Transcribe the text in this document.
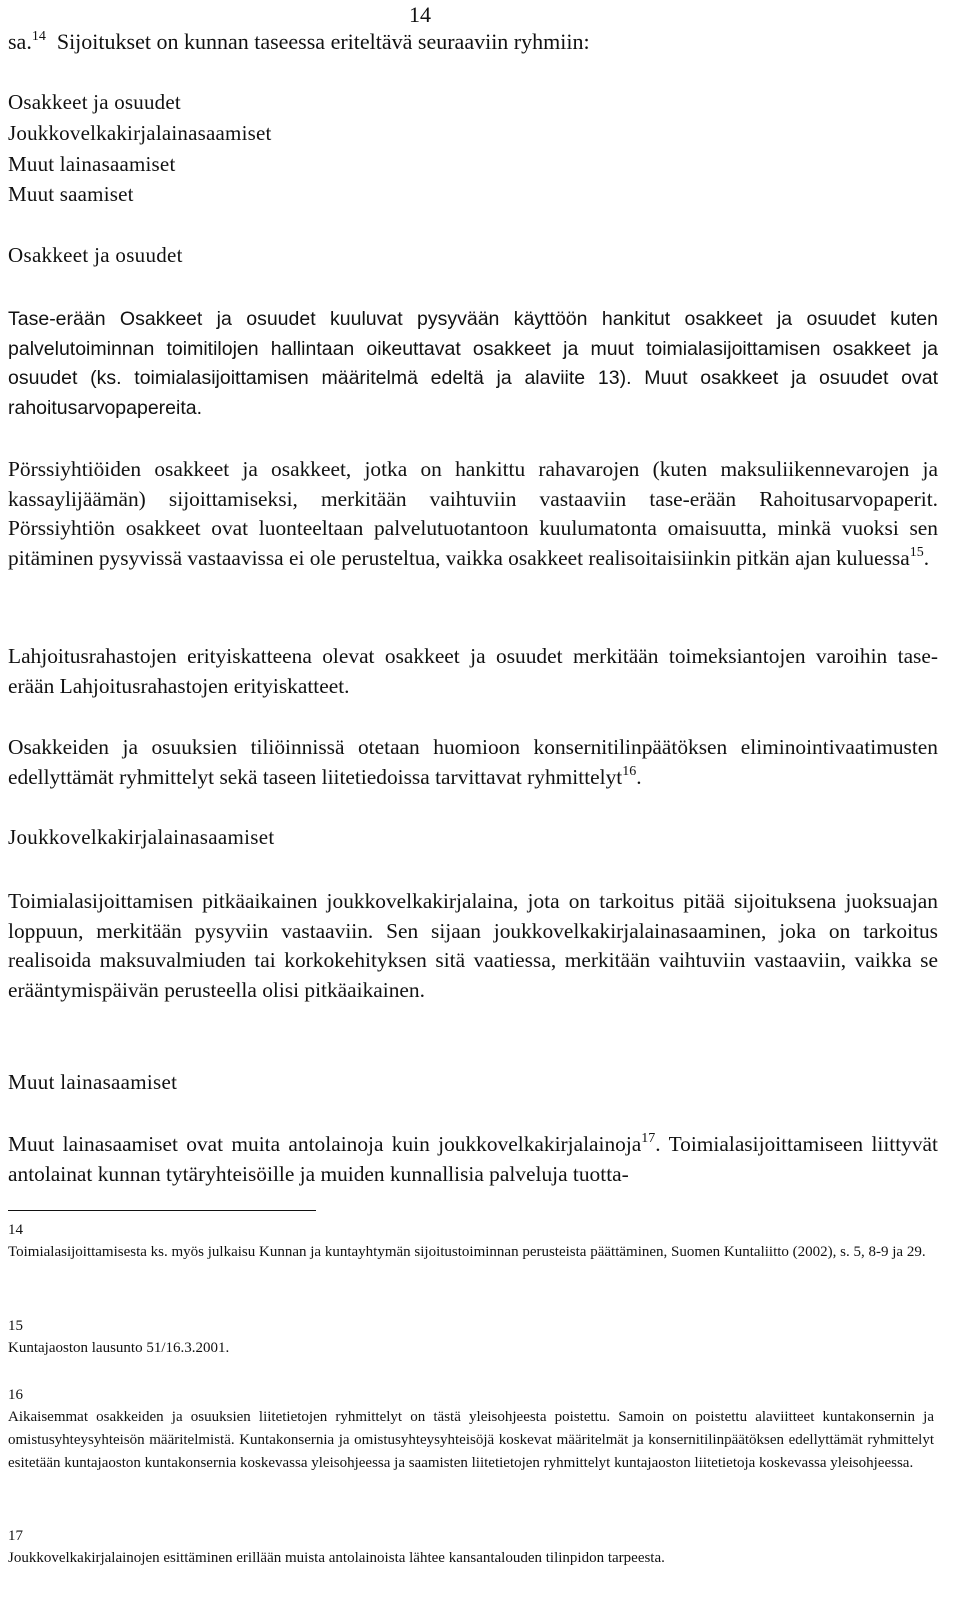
14
sa.$^{14}$ Sijoitukset on kunnan taseessa eriteltävä seuraaviin ryhmiin:
Osakkeet ja osuudet
Joukkovelkakirjalainasaamiset
Muut lainasaamiset
Muut saamiset
Osakkeet ja osuudet
Tase-erään Osakkeet ja osuudet kuuluvat pysyvään käyttöön hankitut osakkeet ja osuudet kuten palvelutoiminnan toimitilojen hallintaan oikeuttavat osakkeet ja muut toimialasijoittamisen osakkeet ja osuudet (ks. toimialasijoittamisen määritelmä edeltä ja alaviite 13). Muut osakkeet ja osuudet ovat rahoitusarvopapereita.
Pörssiyhtiöiden osakkeet ja osakkeet, jotka on hankittu rahavarojen (kuten maksuliikennevarojen ja kassaylijäämän) sijoittamiseksi, merkitään vaihtuviin vastaaviin tase-erään Rahoitusarvopaperit. Pörssiyhtiön osakkeet ovat luonteeltaan palvelutuotantoon kuulumatonta omaisuutta, minkä vuoksi sen pitäminen pysyvissä vastaavissa ei ole perusteltua, vaikka osakkeet realisoitaisiinkin pitkän ajan kuluessa$^{15}$.
Lahjoitusrahastojen erityiskatteena olevat osakkeet ja osuudet merkitään toimeksiantojen varoihin tase-erään Lahjoitusrahastojen erityiskatteet.
Osakkeiden ja osuuksien tiliöinnissä otetaan huomioon konsernitilinpäätöksen eliminointivaatimusten edellyttämät ryhmittelyt sekä taseen liitetiedoissa tarvittavat ryhmittelyt$^{16}$.
Joukkovelkakirjalainasaamiset
Toimialasijoittamisen pitkäaikainen joukkovelkakirjalaina, jota on tarkoitus pitää sijoituksena juoksuajan loppuun, merkitään pysyviin vastaaviin. Sen sijaan joukkovelkakirjalainasaaminen, joka on tarkoitus realisoida maksuvalmiuden tai korkokehityksen sitä vaatiessa, merkitään vaihtuviin vastaaviin, vaikka se erääntymispäivän perusteella olisi pitkäaikainen.
Muut lainasaamiset
Muut lainasaamiset ovat muita antolainoja kuin joukkovelkakirjalainoja$^{17}$. Toimialasijoittamiseen liittyvät antolainat kunnan tytäryhteisöille ja muiden kunnallisia palveluja tuotta-
14
Toimialasijoittamisesta ks. myös julkaisu Kunnan ja kuntayhtymän sijoitustoiminnan perusteista päättäminen, Suomen Kuntaliitto (2002), s. 5, 8-9 ja 29.
15
Kuntajaoston lausunto 51/16.3.2001.
16
Aikaisemmat osakkeiden ja osuuksien liitetietojen ryhmittelyt on tästä yleisohjeesta poistettu. Samoin on poistettu alaviitteet kuntakonsernin ja omistusyhteysyhteisön määritelmistä. Kuntakonsernia ja omistusyhteysyhteisöjä koskevat määritelmät ja konsernitilinpäätöksen edellyttämät ryhmittelyt esitetään kuntajaoston kuntakonsernia koskevassa yleisohjeessa ja saamisten liitetietojen ryhmittelyt kuntajaoston liitetietoja koskevassa yleisohjeessa.
17
Joukkovelkakirjalainojen esittäminen erillään muista antolainoista lähtee kansantalouden tilinpidon tarpeesta.
